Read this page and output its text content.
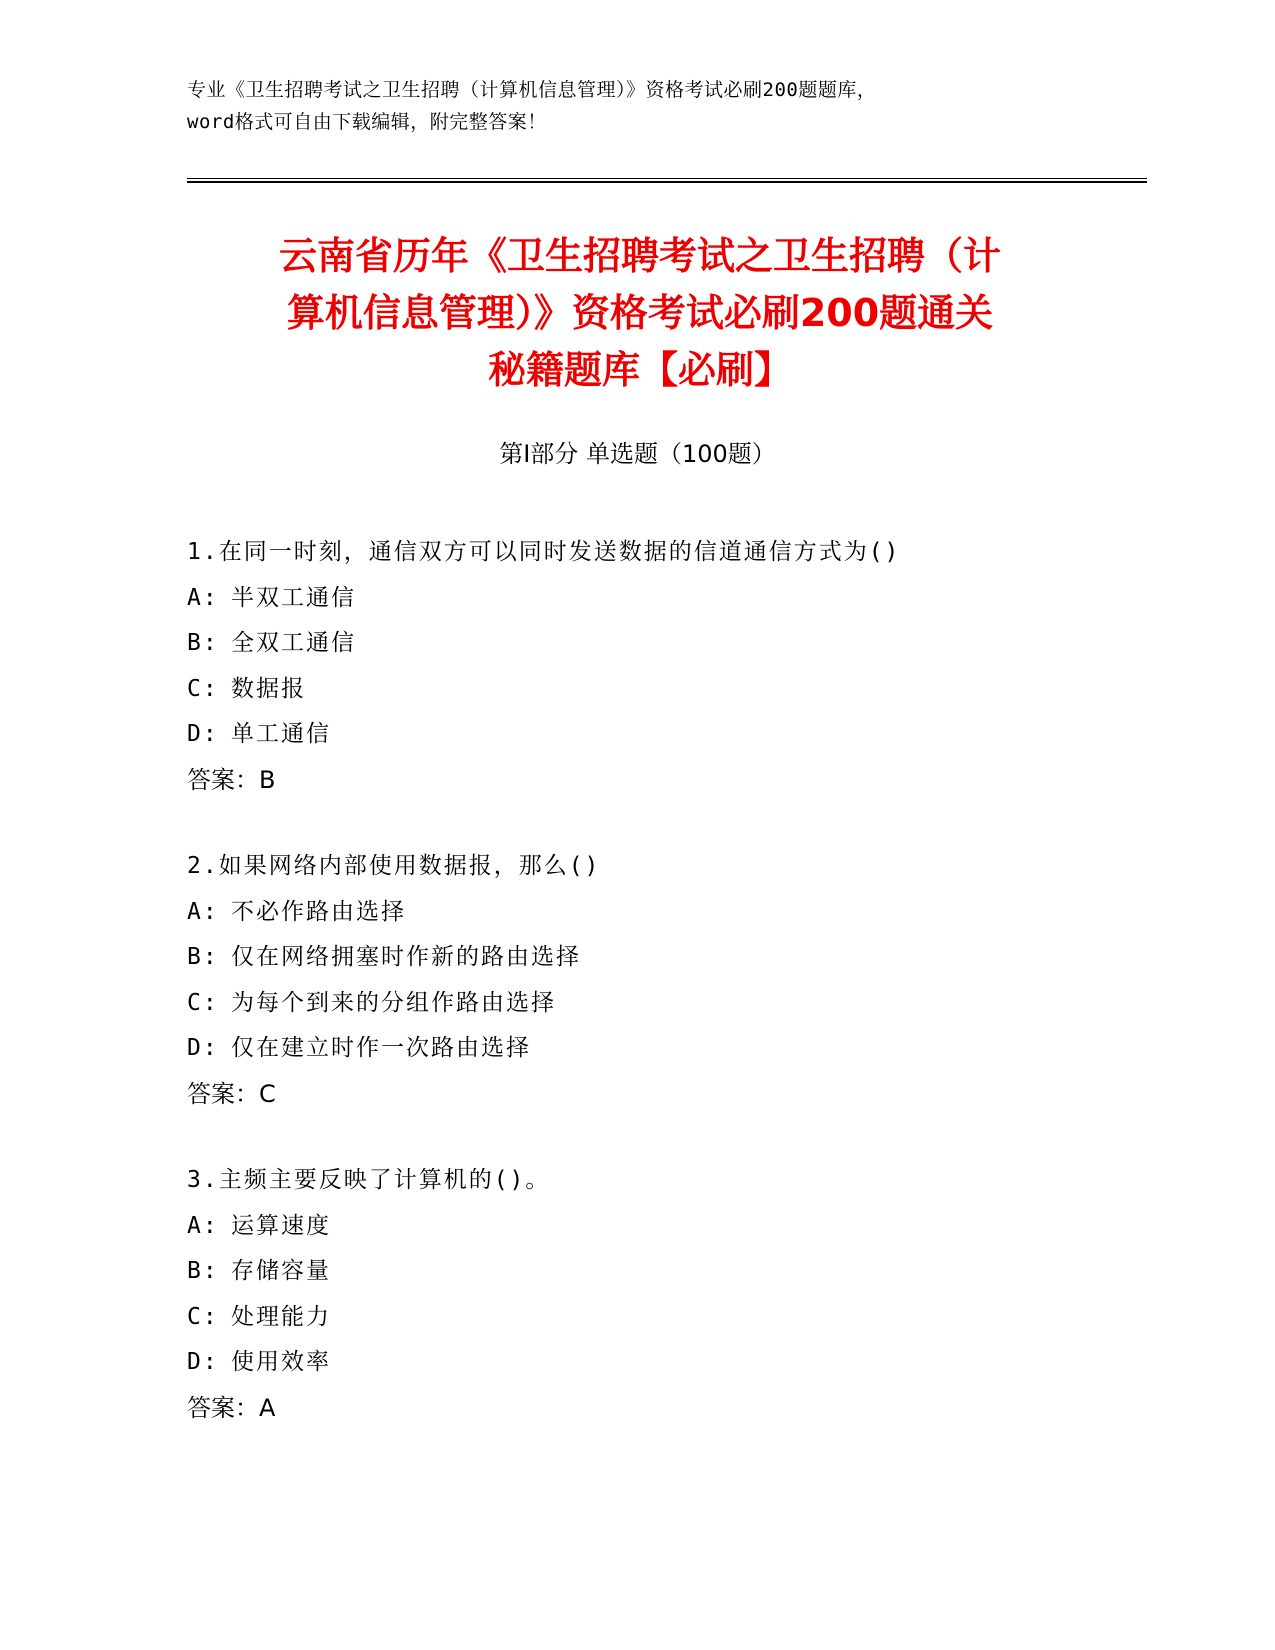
专业《卫生招聘考试之卫生招聘（计算机信息管理）》资格考试必刷200题题库，
word格式可自由下载编辑，附完整答案！
云南省历年《卫生招聘考试之卫生招聘（计
算机信息管理）》资格考试必刷200题通关
秘籍题库【必刷】
第Ⅰ部分 单选题（100题）
1.在同一时刻，通信双方可以同时发送数据的信道通信方式为()
A: 半双工通信
B: 全双工通信
C: 数据报
D: 单工通信
答案：B
2.如果网络内部使用数据报，那么()
A: 不必作路由选择
B: 仅在网络拥塞时作新的路由选择
C: 为每个到来的分组作路由选择
D: 仅在建立时作一次路由选择
答案：C
3.主频主要反映了计算机的()。
A: 运算速度
B: 存储容量
C: 处理能力
D: 使用效率
答案：A
